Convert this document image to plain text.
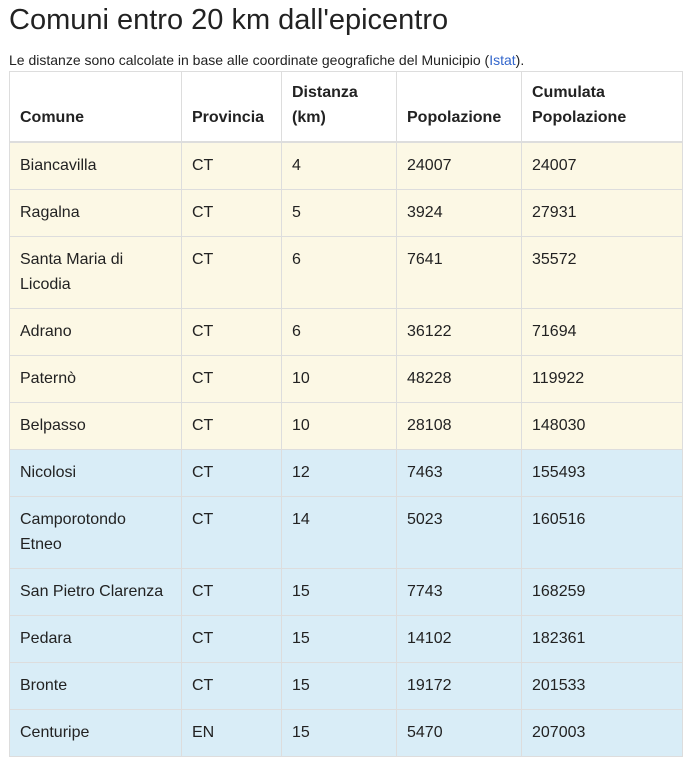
Comuni entro 20 km dall'epicentro

Le distanze sono calcolate in base alle coordinate geografiche del Municipio (Istat).

Comune	Provincia	Distanza (km)	Popolazione	Cumulata Popolazione
Biancavilla	CT	4	24007	24007
Ragalna	CT	5	3924	27931
Santa Maria di Licodia	CT	6	7641	35572
Adrano	CT	6	36122	71694
Paternò	CT	10	48228	119922
Belpasso	CT	10	28108	148030
Nicolosi	CT	12	7463	155493
Camporotondo Etneo	CT	14	5023	160516
San Pietro Clarenza	CT	15	7743	168259
Pedara	CT	15	14102	182361
Bronte	CT	15	19172	201533
Centuripe	EN	15	5470	207003
